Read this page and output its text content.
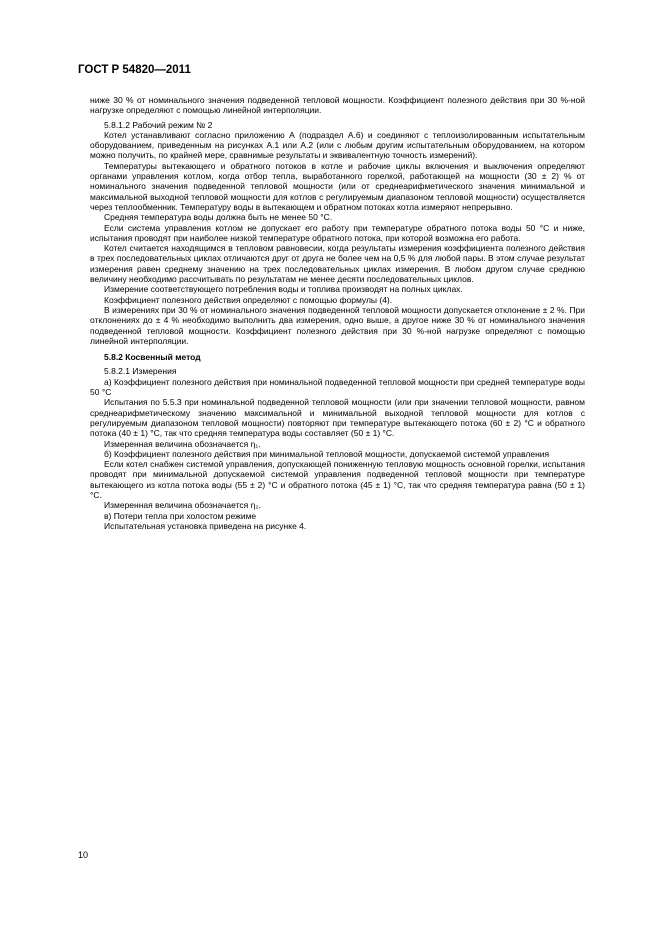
ГОСТ Р 54820—2011

ниже 30 % от номинального значения подведенной тепловой мощности. Коэффициент полезного действия при 30 %-ной нагрузке определяют с помощью линейной интерполяции.

5.8.1.2 Рабочий режим № 2

Котел устанавливают согласно приложению А (подраздел А.6) и соединяют с теплоизолированным испытательным оборудованием, приведенным на рисунках А.1 или А.2 (или с любым другим испытательным оборудованием, на котором можно получить, по крайней мере, сравнимые результаты и эквивалентную точность измерений).

Температуры вытекающего и обратного потоков в котле и рабочие циклы включения и выключения определяют органами управления котлом, когда отбор тепла, выработанного горелкой, работающей на мощности (30 ± 2) % от номинального значения подведенной тепловой мощности (или от среднеарифметического значения минимальной и максимальной выходной тепловой мощности для котлов с регулируемым диапазоном тепловой мощности) осуществляется через теплообменник. Температуру воды в вытекающем и обратном потоках котла измеряют непрерывно.

Средняя температура воды должна быть не менее 50 °С.

Если система управления котлом не допускает его работу при температуре обратного потока воды 50 °С и ниже, испытания проводят при наиболее низкой температуре обратного потока, при которой возможна его работа.

Котел считается находящимся в тепловом равновесии, когда результаты измерения коэффициента полезного действия в трех последовательных циклах отличаются друг от друга не более чем на 0,5 % для любой пары. В этом случае результат измерения равен среднему значению на трех последовательных циклах измерения. В любом другом случае среднюю величину необходимо рассчитывать по результатам не менее десяти последовательных циклов.

Измерение соответствующего потребления воды и топлива производят на полных циклах.

Коэффициент полезного действия определяют с помощью формулы (4).

В измерениях при 30 % от номинального значения подведенной тепловой мощности допускается отклонение ± 2 %. При отклонениях до ± 4 % необходимо выполнить два измерения, одно выше, а другое ниже 30 % от номинального значения подведенной тепловой мощности. Коэффициент полезного действия при 30 %-ной нагрузке определяют с помощью линейной интерполяции.

5.8.2 Косвенный метод

5.8.2.1 Измерения

а) Коэффициент полезного действия при номинальной подведенной тепловой мощности при средней температуре воды 50 °С

Испытания по 5.5.3 при номинальной подведенной тепловой мощности (или при значении тепловой мощности, равном среднеарифметическому значению максимальной и минимальной выходной тепловой мощности для котлов с регулируемым диапазоном тепловой мощности) повторяют при температуре вытекающего потока (60 ± 2) °С и обратного потока (40 ± 1) °С, так что средняя температура воды составляет (50 ± 1) °С.

Измеренная величина обозначается η₁.

б) Коэффициент полезного действия при минимальной тепловой мощности, допускаемой системой управления

Если котел снабжен системой управления, допускающей пониженную тепловую мощность основной горелки, испытания проводят при минимальной допускаемой системой управления подведенной тепловой мощности при температуре вытекающего из котла потока воды (55 ± 2) °С и обратного потока (45 ± 1) °С, так что средняя температура равна (50 ± 1) °С.

Измеренная величина обозначается η₂.

в) Потери тепла при холостом режиме

Испытательная установка приведена на рисунке 4.

10
